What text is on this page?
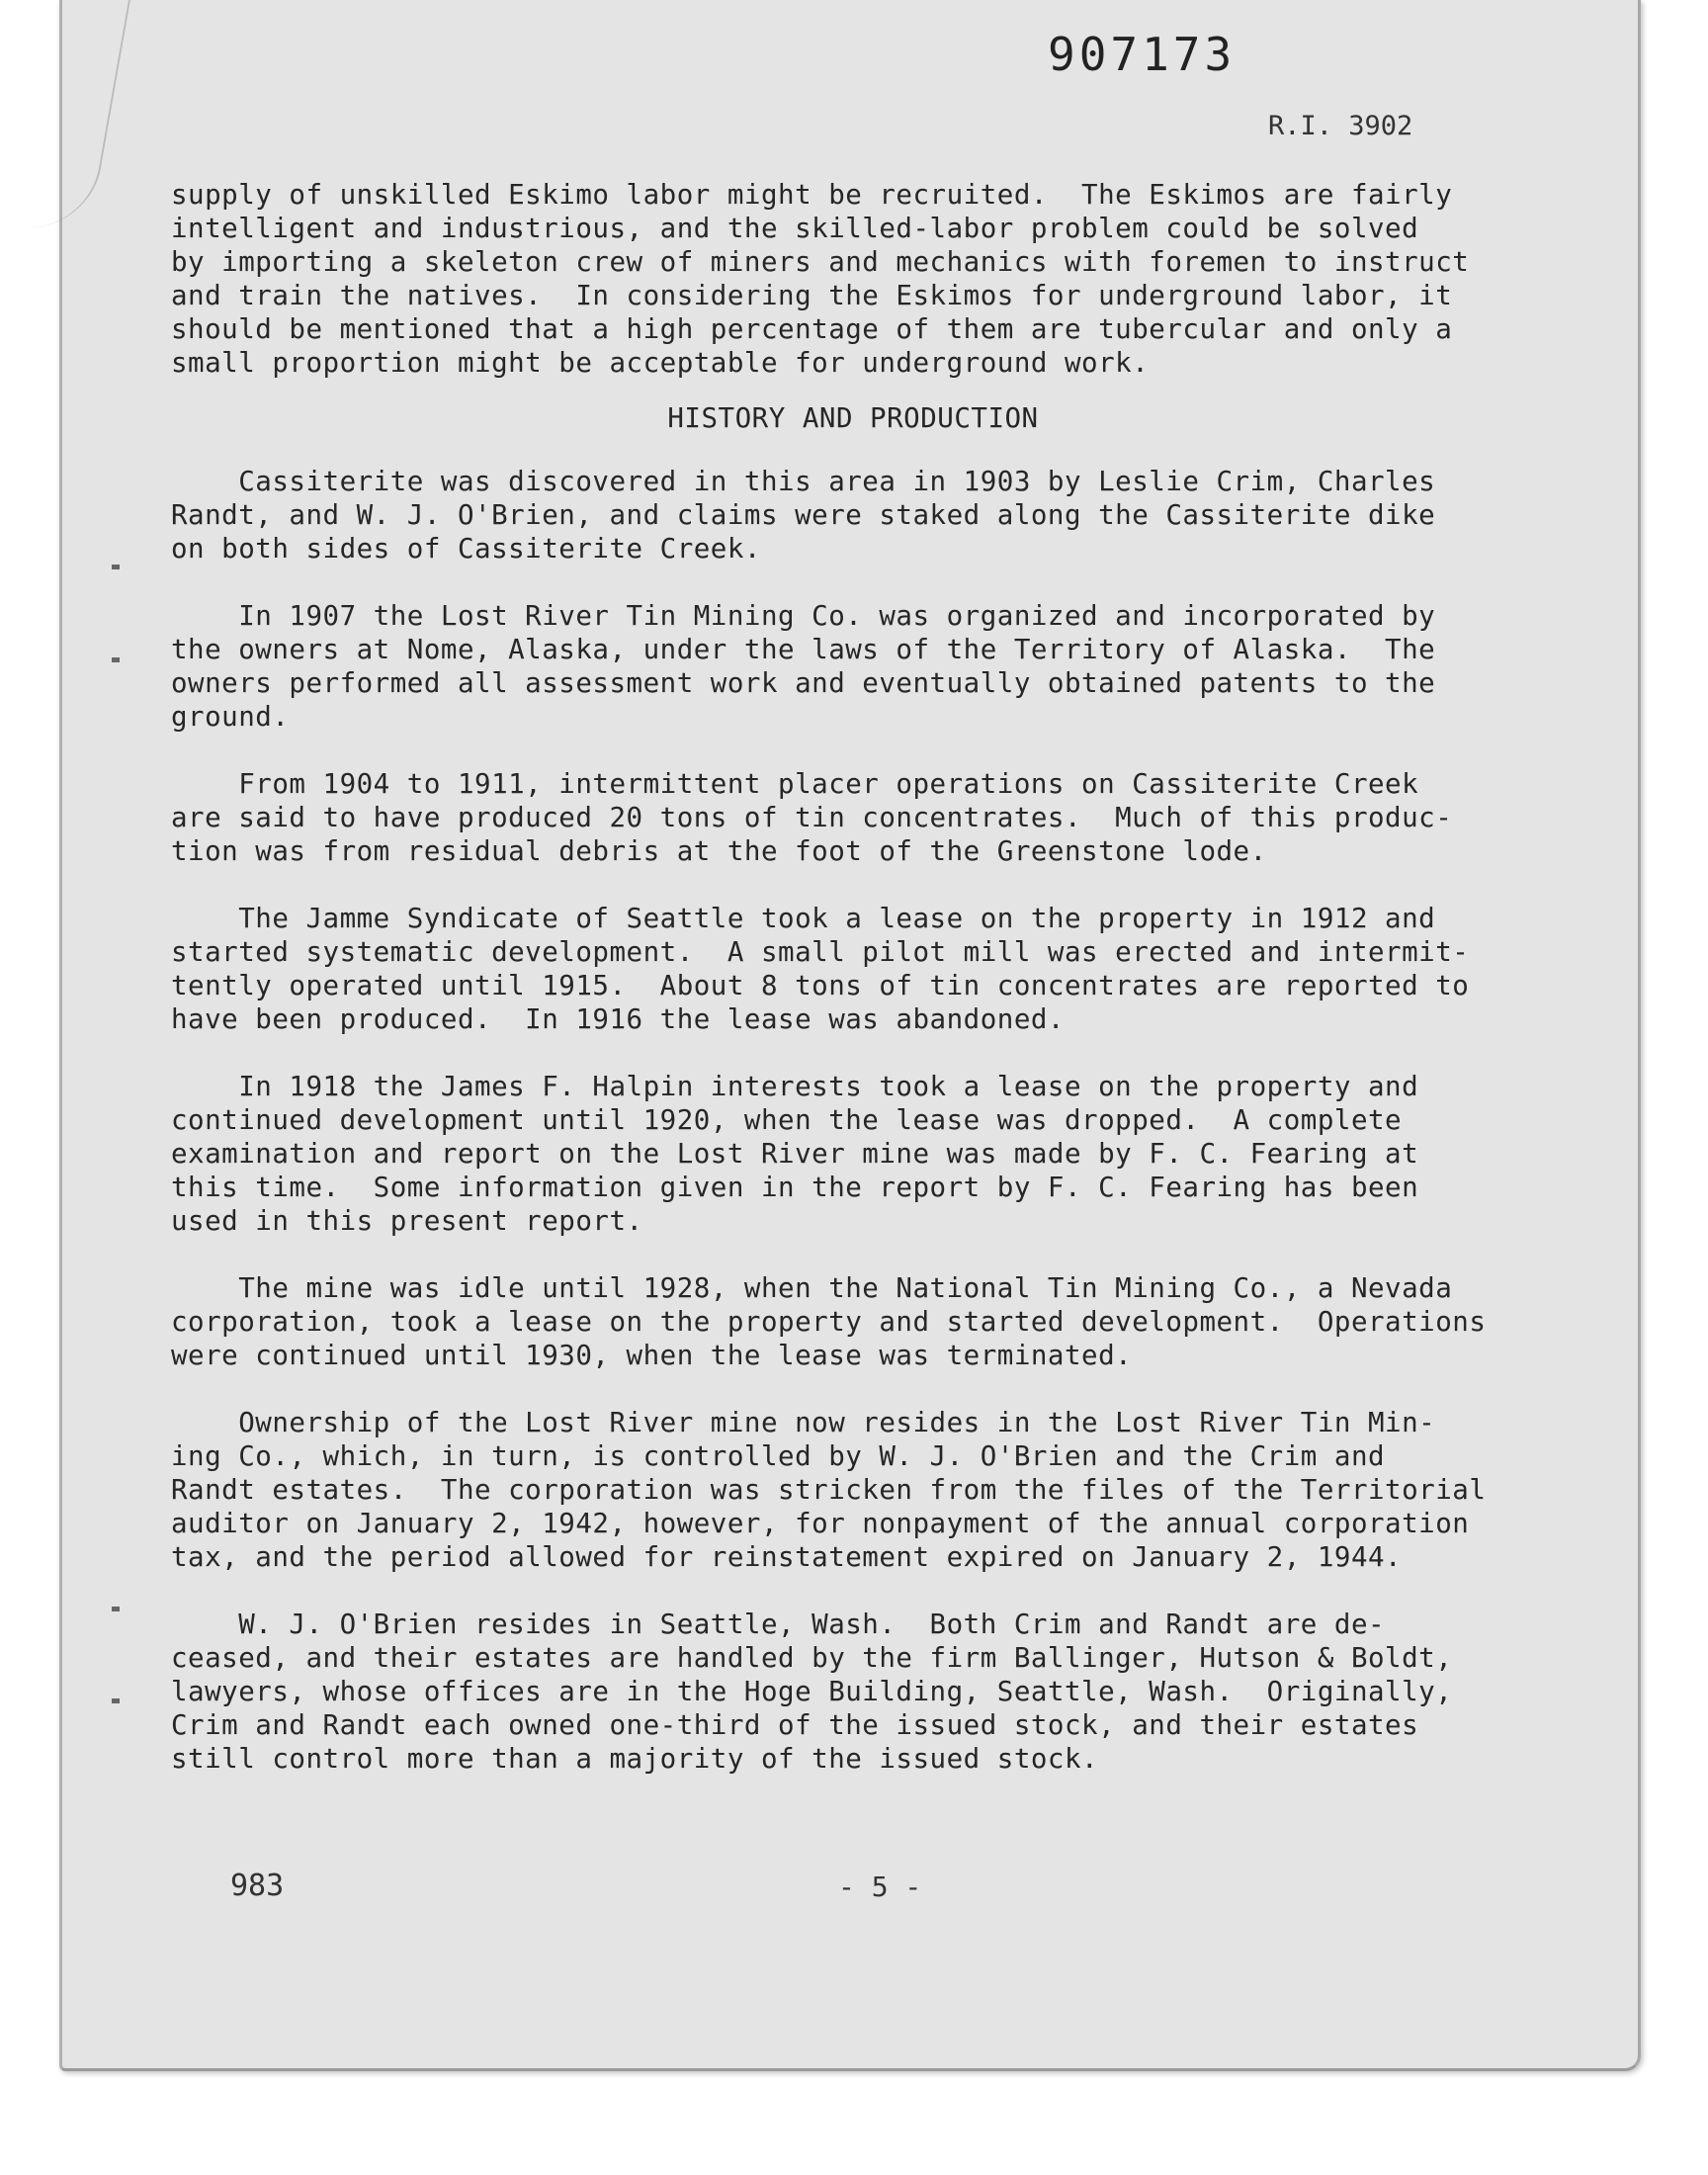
907173
R.I. 3902
supply of unskilled Eskimo labor might be recruited.  The Eskimos are fairly
intelligent and industrious, and the skilled-labor problem could be solved
by importing a skeleton crew of miners and mechanics with foremen to instruct
and train the natives.  In considering the Eskimos for underground labor, it
should be mentioned that a high percentage of them are tubercular and only a
small proportion might be acceptable for underground work.
HISTORY AND PRODUCTION
Cassiterite was discovered in this area in 1903 by Leslie Crim, Charles
Randt, and W. J. O'Brien, and claims were staked along the Cassiterite dike
on both sides of Cassiterite Creek.
In 1907 the Lost River Tin Mining Co. was organized and incorporated by
the owners at Nome, Alaska, under the laws of the Territory of Alaska.  The
owners performed all assessment work and eventually obtained patents to the
ground.
From 1904 to 1911, intermittent placer operations on Cassiterite Creek
are said to have produced 20 tons of tin concentrates.  Much of this produc-
tion was from residual debris at the foot of the Greenstone lode.
The Jamme Syndicate of Seattle took a lease on the property in 1912 and
started systematic development.  A small pilot mill was erected and intermit-
tently operated until 1915.  About 8 tons of tin concentrates are reported to
have been produced.  In 1916 the lease was abandoned.
In 1918 the James F. Halpin interests took a lease on the property and
continued development until 1920, when the lease was dropped.  A complete
examination and report on the Lost River mine was made by F. C. Fearing at
this time.  Some information given in the report by F. C. Fearing has been
used in this present report.
The mine was idle until 1928, when the National Tin Mining Co., a Nevada
corporation, took a lease on the property and started development.  Operations
were continued until 1930, when the lease was terminated.
Ownership of the Lost River mine now resides in the Lost River Tin Min-
ing Co., which, in turn, is controlled by W. J. O'Brien and the Crim and
Randt estates.  The corporation was stricken from the files of the Territorial
auditor on January 2, 1942, however, for nonpayment of the annual corporation
tax, and the period allowed for reinstatement expired on January 2, 1944.
W. J. O'Brien resides in Seattle, Wash.  Both Crim and Randt are de-
ceased, and their estates are handled by the firm Ballinger, Hutson & Boldt,
lawyers, whose offices are in the Hoge Building, Seattle, Wash.  Originally,
Crim and Randt each owned one-third of the issued stock, and their estates
still control more than a majority of the issued stock.
983	- 5 -
